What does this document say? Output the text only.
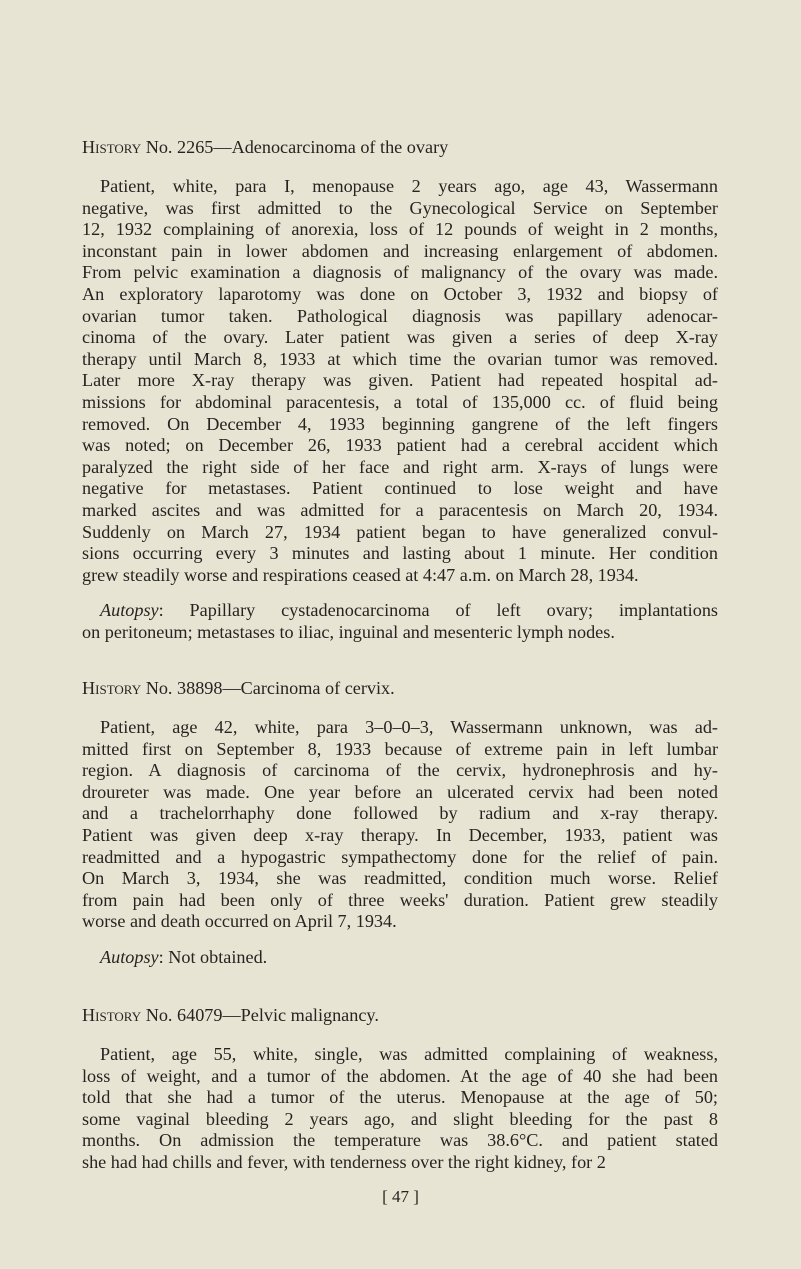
History No. 2265—Adenocarcinoma of the ovary
Patient, white, para I, menopause 2 years ago, age 43, Wassermann
negative, was first admitted to the Gynecological Service on September
12, 1932 complaining of anorexia, loss of 12 pounds of weight in 2 months,
inconstant pain in lower abdomen and increasing enlargement of abdomen.
From pelvic examination a diagnosis of malignancy of the ovary was made.
An exploratory laparotomy was done on October 3, 1932 and biopsy of
ovarian tumor taken. Pathological diagnosis was papillary adenocar-
cinoma of the ovary. Later patient was given a series of deep X-ray
therapy until March 8, 1933 at which time the ovarian tumor was removed.
Later more X-ray therapy was given. Patient had repeated hospital ad-
missions for abdominal paracentesis, a total of 135,000 cc. of fluid being
removed. On December 4, 1933 beginning gangrene of the left fingers
was noted; on December 26, 1933 patient had a cerebral accident which
paralyzed the right side of her face and right arm. X-rays of lungs were
negative for metastases. Patient continued to lose weight and have
marked ascites and was admitted for a paracentesis on March 20, 1934.
Suddenly on March 27, 1934 patient began to have generalized convul-
sions occurring every 3 minutes and lasting about 1 minute. Her condition
grew steadily worse and respirations ceased at 4:47 a.m. on March 28, 1934.
Autopsy: Papillary cystadenocarcinoma of left ovary; implantations
on peritoneum; metastases to iliac, inguinal and mesenteric lymph nodes.
History No. 38898—Carcinoma of cervix.
Patient, age 42, white, para 3–0–0–3, Wassermann unknown, was ad-
mitted first on September 8, 1933 because of extreme pain in left lumbar
region. A diagnosis of carcinoma of the cervix, hydronephrosis and hy-
droureter was made. One year before an ulcerated cervix had been noted
and a trachelorrhaphy done followed by radium and x-ray therapy.
Patient was given deep x-ray therapy. In December, 1933, patient was
readmitted and a hypogastric sympathectomy done for the relief of pain.
On March 3, 1934, she was readmitted, condition much worse. Relief
from pain had been only of three weeks' duration. Patient grew steadily
worse and death occurred on April 7, 1934.
Autopsy: Not obtained.
History No. 64079—Pelvic malignancy.
Patient, age 55, white, single, was admitted complaining of weakness,
loss of weight, and a tumor of the abdomen. At the age of 40 she had been
told that she had a tumor of the uterus. Menopause at the age of 50;
some vaginal bleeding 2 years ago, and slight bleeding for the past 8
months. On admission the temperature was 38.6°C. and patient stated
she had had chills and fever, with tenderness over the right kidney, for 2
[ 47 ]
